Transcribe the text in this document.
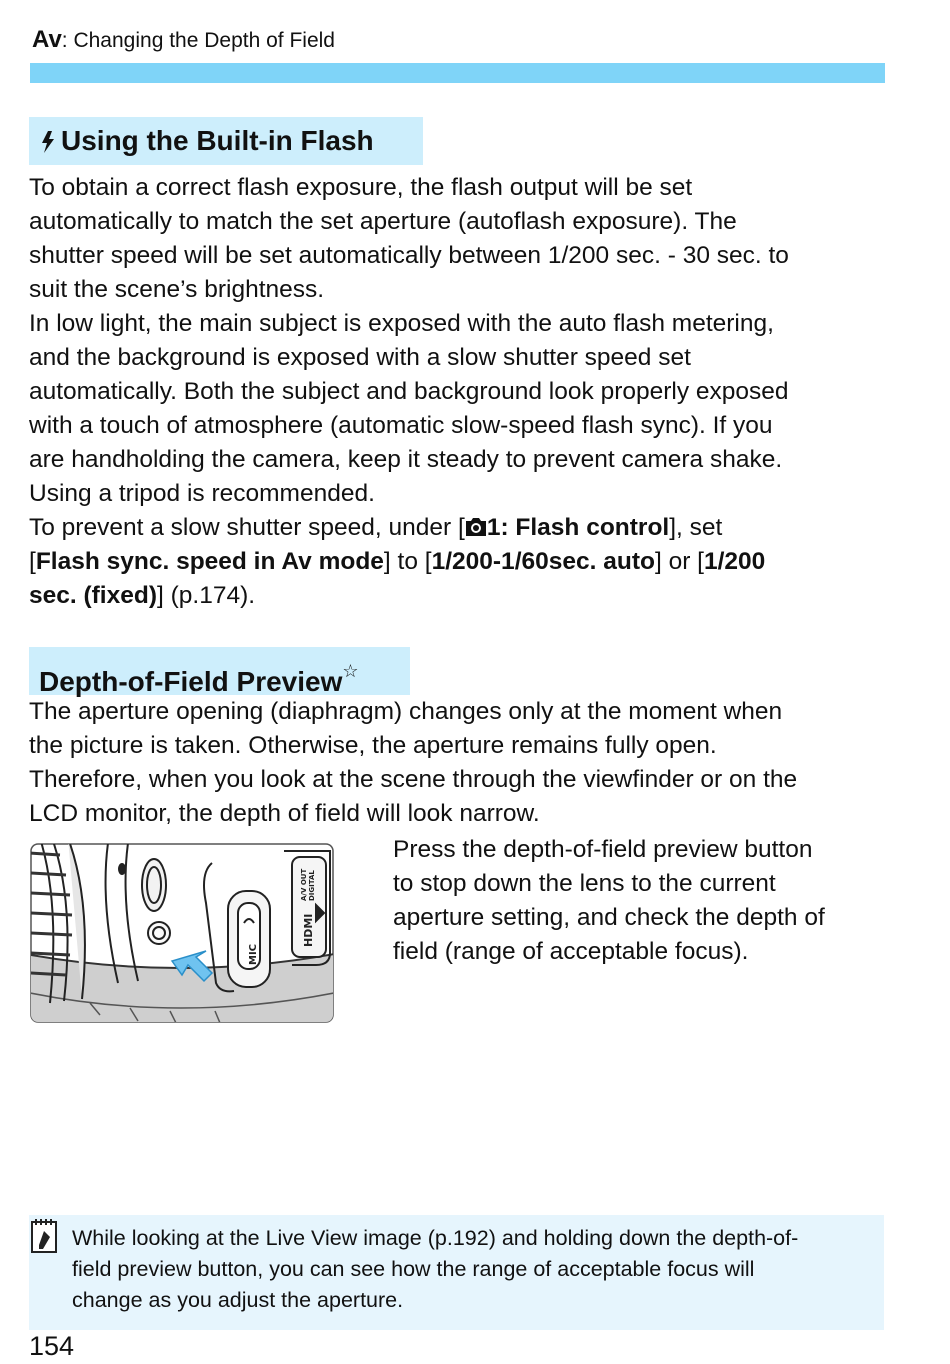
Av: Changing the Depth of Field
Using the Built-in Flash
To obtain a correct flash exposure, the flash output will be set
automatically to match the set aperture (autoflash exposure). The
shutter speed will be set automatically between 1/200 sec. - 30 sec. to
suit the scene’s brightness.
In low light, the main subject is exposed with the auto flash metering,
and the background is exposed with a slow shutter speed set
automatically. Both the subject and background look properly exposed
with a touch of atmosphere (automatic slow-speed flash sync). If you
are handholding the camera, keep it steady to prevent camera shake.
Using a tripod is recommended.
To prevent a slow shutter speed, under [ 1: Flash control], set
[Flash sync. speed in Av mode] to [1/200-1/60sec. auto] or [1/200
sec. (fixed)] (p.174).
Depth-of-Field Preview☆
The aperture opening (diaphragm) changes only at the moment when
the picture is taken. Otherwise, the aperture remains fully open.
Therefore, when you look at the scene through the viewfinder or on the
LCD monitor, the depth of field will look narrow.
MIC
HDMI
A/V OUT DIGITAL
Press the depth-of-field preview button
to stop down the lens to the current
aperture setting, and check the depth of
field (range of acceptable focus).
While looking at the Live View image (p.192) and holding down the depth-of-
field preview button, you can see how the range of acceptable focus will
change as you adjust the aperture.
154
